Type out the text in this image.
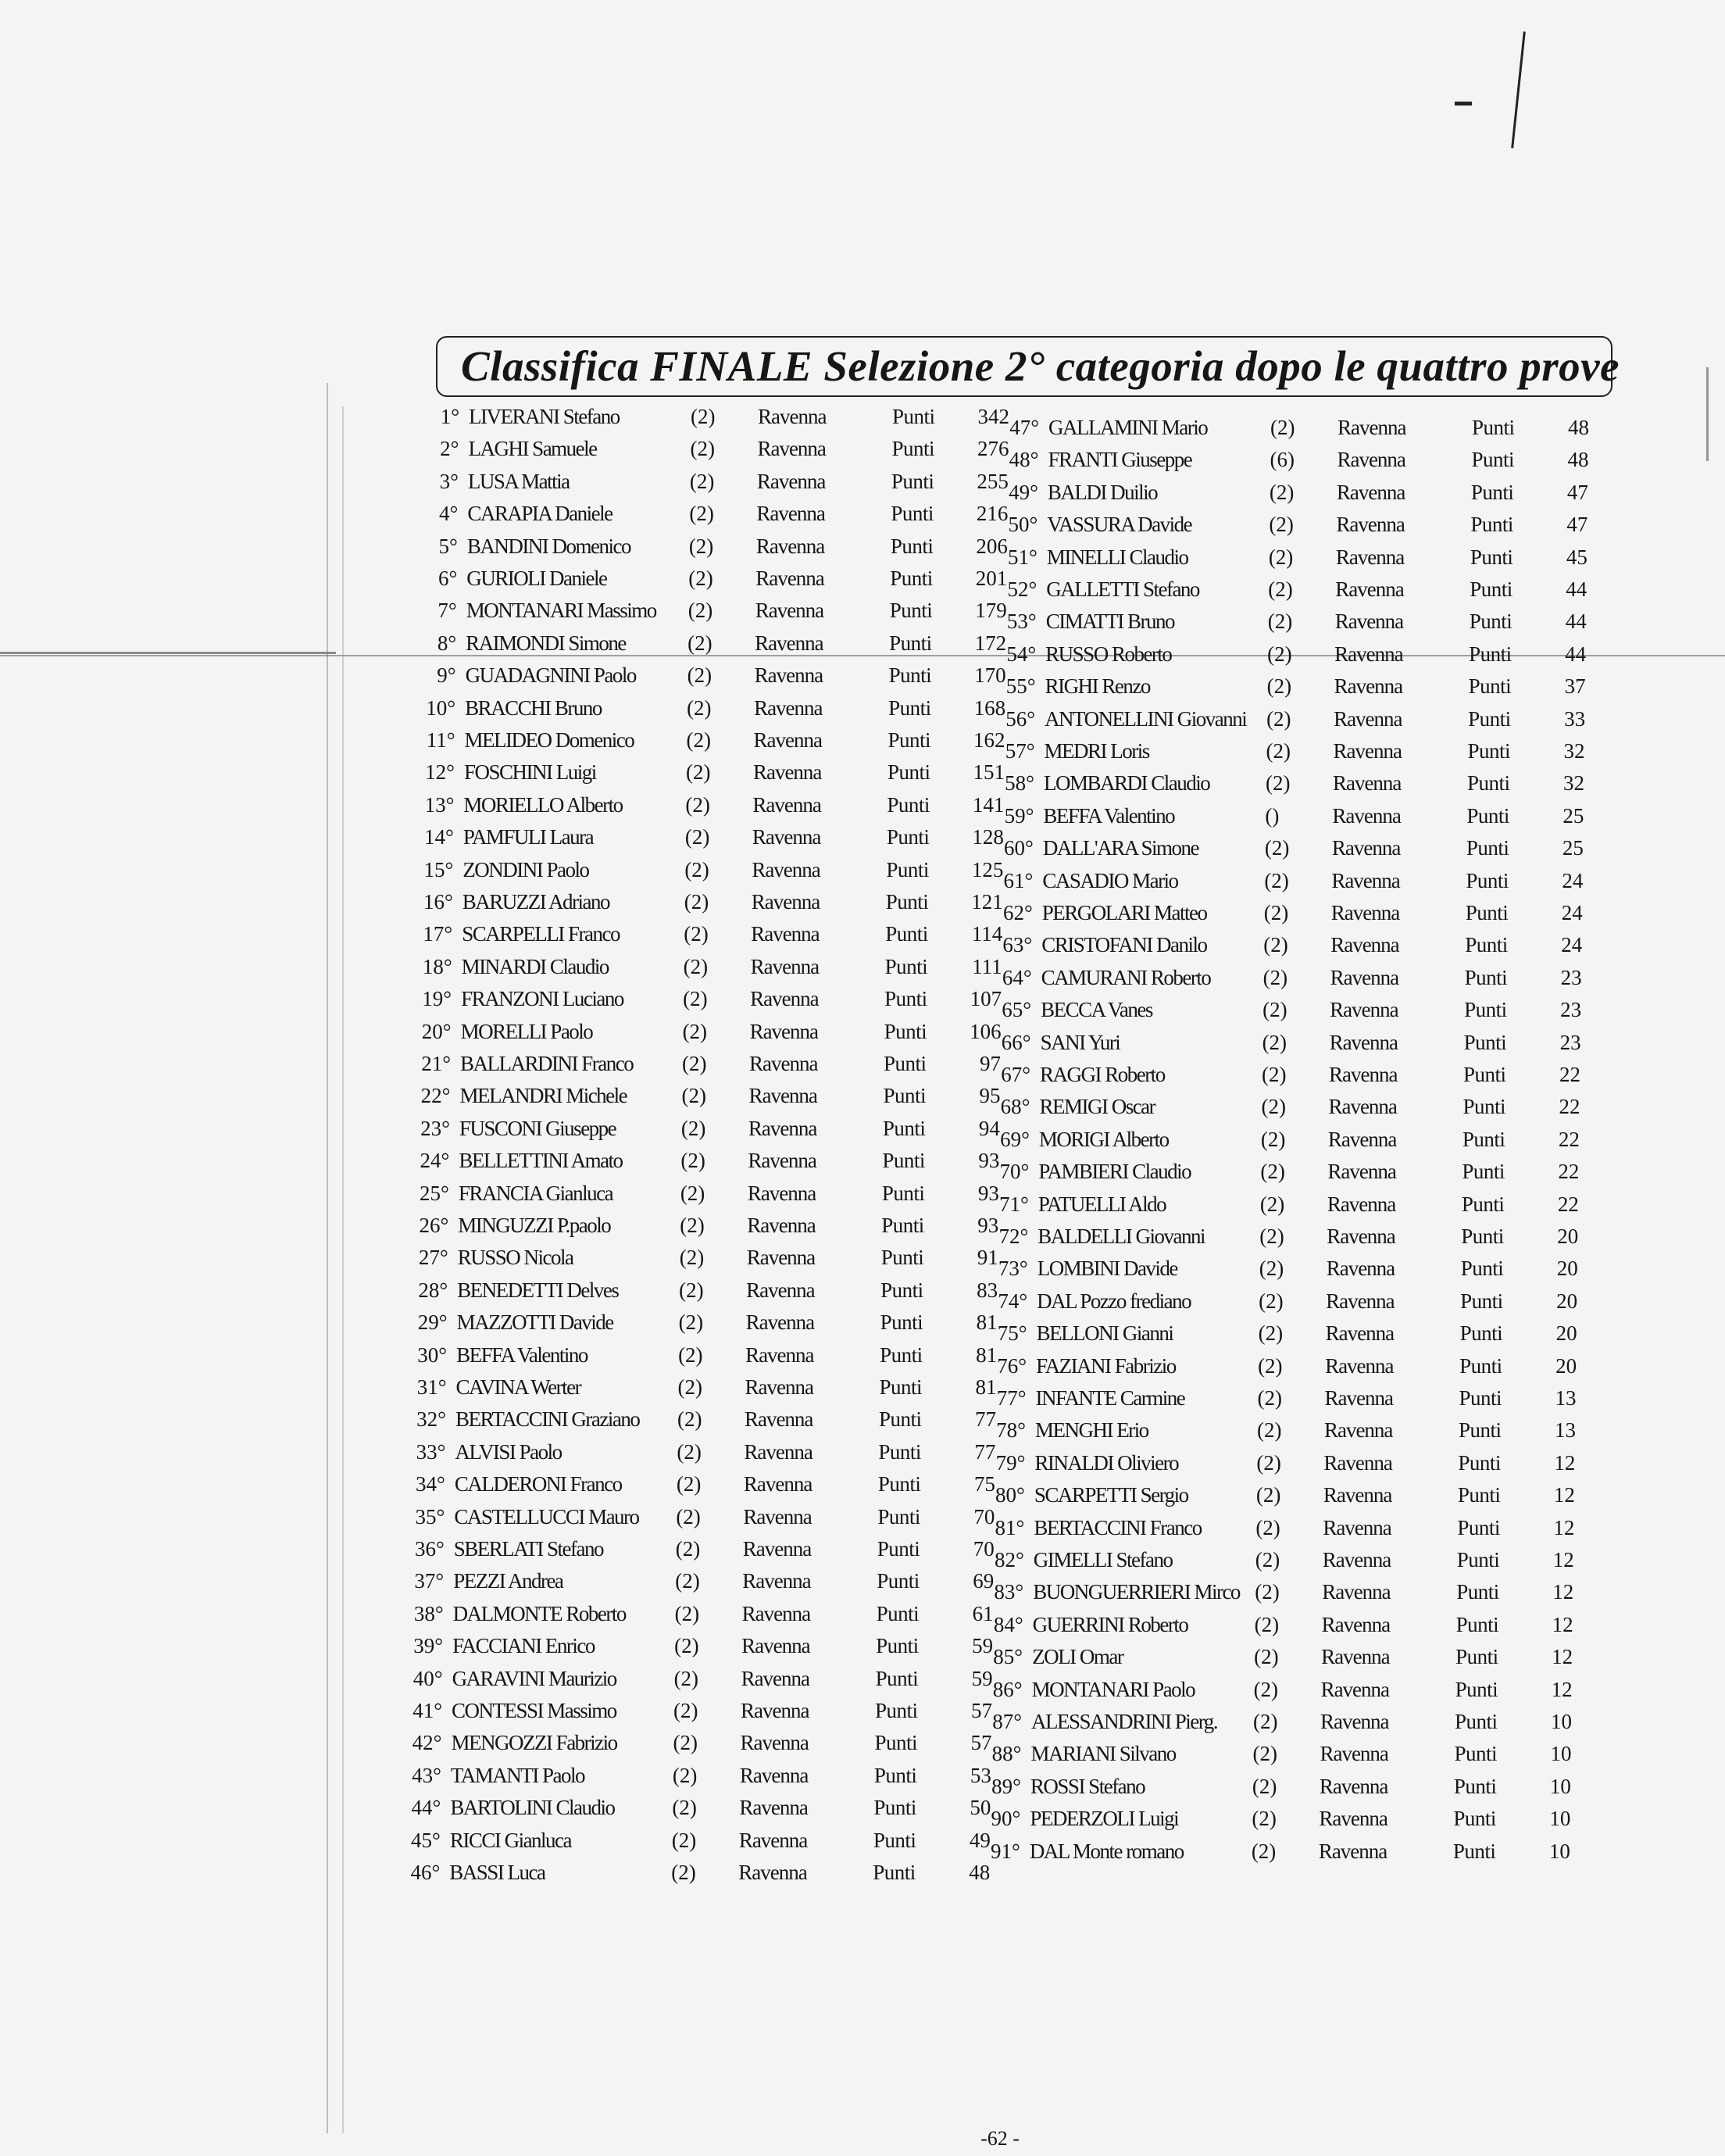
Classifica FINALE Selezione 2° categoria dopo le quattro prove
1° LIVERANI Stefano	(2)	Ravenna	Punti	342
2° LAGHI Samuele	(2)	Ravenna	Punti	276
3° LUSA Mattia	(2)	Ravenna	Punti	255
4° CARAPIA Daniele	(2)	Ravenna	Punti	216
5° BANDINI Domenico	(2)	Ravenna	Punti	206
6° GURIOLI Daniele	(2)	Ravenna	Punti	201
7° MONTANARI Massimo	(2)	Ravenna	Punti	179
8° RAIMONDI Simone	(2)	Ravenna	Punti	172
9° GUADAGNINI Paolo	(2)	Ravenna	Punti	170
10° BRACCHI Bruno	(2)	Ravenna	Punti	168
11° MELIDEO Domenico	(2)	Ravenna	Punti	162
12° FOSCHINI Luigi	(2)	Ravenna	Punti	151
13° MORIELLO Alberto	(2)	Ravenna	Punti	141
14° PAMFULI Laura	(2)	Ravenna	Punti	128
15° ZONDINI Paolo	(2)	Ravenna	Punti	125
16° BARUZZI Adriano	(2)	Ravenna	Punti	121
17° SCARPELLI Franco	(2)	Ravenna	Punti	114
18° MINARDI Claudio	(2)	Ravenna	Punti	111
19° FRANZONI Luciano	(2)	Ravenna	Punti	107
20° MORELLI Paolo	(2)	Ravenna	Punti	106
21° BALLARDINI Franco	(2)	Ravenna	Punti	97
22° MELANDRI Michele	(2)	Ravenna	Punti	95
23° FUSCONI Giuseppe	(2)	Ravenna	Punti	94
24° BELLETTINI Amato	(2)	Ravenna	Punti	93
25° FRANCIA Gianluca	(2)	Ravenna	Punti	93
26° MINGUZZI P.paolo	(2)	Ravenna	Punti	93
27° RUSSO Nicola	(2)	Ravenna	Punti	91
28° BENEDETTI Delves	(2)	Ravenna	Punti	83
29° MAZZOTTI Davide	(2)	Ravenna	Punti	81
30° BEFFA Valentino	(2)	Ravenna	Punti	81
31° CAVINA Werter	(2)	Ravenna	Punti	81
32° BERTACCINI Graziano	(2)	Ravenna	Punti	77
33° ALVISI Paolo	(2)	Ravenna	Punti	77
34° CALDERONI Franco	(2)	Ravenna	Punti	75
35° CASTELLUCCI Mauro	(2)	Ravenna	Punti	70
36° SBERLATI Stefano	(2)	Ravenna	Punti	70
37° PEZZI Andrea	(2)	Ravenna	Punti	69
38° DALMONTE Roberto	(2)	Ravenna	Punti	61
39° FACCIANI Enrico	(2)	Ravenna	Punti	59
40° GARAVINI Maurizio	(2)	Ravenna	Punti	59
41° CONTESSI Massimo	(2)	Ravenna	Punti	57
42° MENGOZZI Fabrizio	(2)	Ravenna	Punti	57
43° TAMANTI Paolo	(2)	Ravenna	Punti	53
44° BARTOLINI Claudio	(2)	Ravenna	Punti	50
45° RICCI Gianluca	(2)	Ravenna	Punti	49
46° BASSI Luca	(2)	Ravenna	Punti	48
47° GALLAMINI Mario	(2)	Ravenna	Punti	48
48° FRANTI Giuseppe	(6)	Ravenna	Punti	48
49° BALDI Duilio	(2)	Ravenna	Punti	47
50° VASSURA Davide	(2)	Ravenna	Punti	47
51° MINELLI Claudio	(2)	Ravenna	Punti	45
52° GALLETTI Stefano	(2)	Ravenna	Punti	44
53° CIMATTI Bruno	(2)	Ravenna	Punti	44
54° RUSSO Roberto	(2)	Ravenna	Punti	44
55° RIGHI Renzo	(2)	Ravenna	Punti	37
56° ANTONELLINI Giovanni (2)	Ravenna	Punti	33
57° MEDRI Loris	(2)	Ravenna	Punti	32
58° LOMBARDI Claudio	(2)	Ravenna	Punti	32
59° BEFFA Valentino	()	Ravenna	Punti	25
60° DALL'ARA Simone	(2)	Ravenna	Punti	25
61° CASADIO Mario	(2)	Ravenna	Punti	24
62° PERGOLARI Matteo	(2)	Ravenna	Punti	24
63° CRISTOFANI Danilo	(2)	Ravenna	Punti	24
64° CAMURANI Roberto	(2)	Ravenna	Punti	23
65° BECCA Vanes	(2)	Ravenna	Punti	23
66° SANI Yuri	(2)	Ravenna	Punti	23
67° RAGGI Roberto	(2)	Ravenna	Punti	22
68° REMIGI Oscar	(2)	Ravenna	Punti	22
69° MORIGI Alberto	(2)	Ravenna	Punti	22
70° PAMBIERI Claudio	(2)	Ravenna	Punti	22
71° PATUELLI Aldo	(2)	Ravenna	Punti	22
72° BALDELLI Giovanni	(2)	Ravenna	Punti	20
73° LOMBINI Davide	(2)	Ravenna	Punti	20
74° DAL Pozzo frediano	(2)	Ravenna	Punti	20
75° BELLONI Gianni	(2)	Ravenna	Punti	20
76° FAZIANI Fabrizio	(2)	Ravenna	Punti	20
77° INFANTE Carmine	(2)	Ravenna	Punti	13
78° MENGHI Erio	(2)	Ravenna	Punti	13
79° RINALDI Oliviero	(2)	Ravenna	Punti	12
80° SCARPETTI Sergio	(2)	Ravenna	Punti	12
81° BERTACCINI Franco	(2)	Ravenna	Punti	12
82° GIMELLI Stefano	(2)	Ravenna	Punti	12
83° BUONGUERRIERI Mirco (2)	Ravenna	Punti	12
84° GUERRINI Roberto	(2)	Ravenna	Punti	12
85° ZOLI Omar	(2)	Ravenna	Punti	12
86° MONTANARI Paolo	(2)	Ravenna	Punti	12
87° ALESSANDRINI Pierg.	(2)	Ravenna	Punti	10
88° MARIANI Silvano	(2)	Ravenna	Punti	10
89° ROSSI Stefano	(2)	Ravenna	Punti	10
90° PEDERZOLI Luigi	(2)	Ravenna	Punti	10
91° DAL Monte romano	(2)	Ravenna	Punti	10
-62 -
